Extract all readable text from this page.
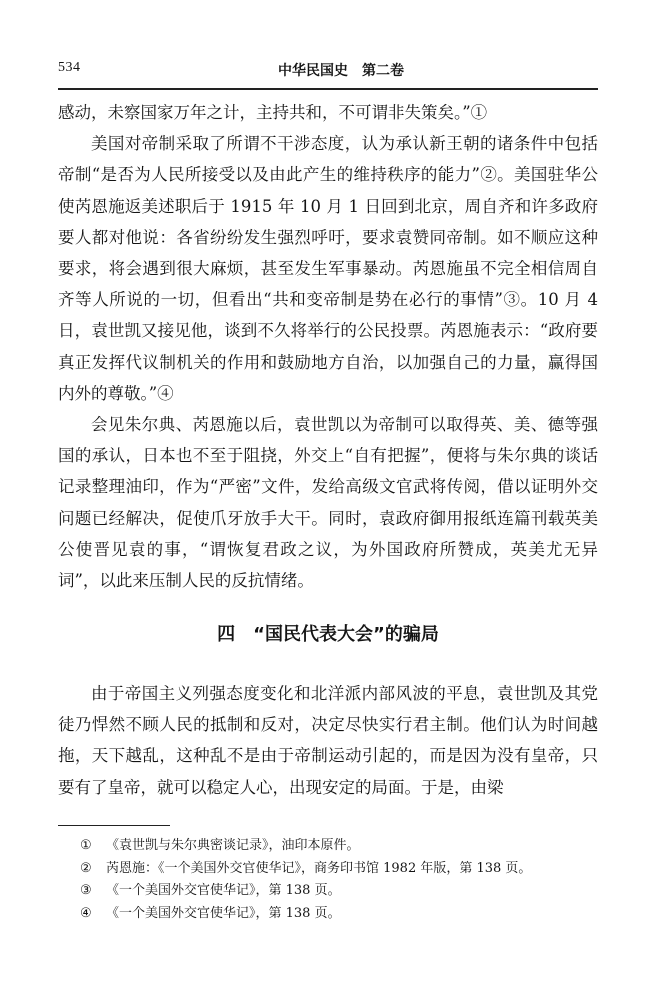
534	中华民国史　第二卷

感动，未察国家万年之计，主持共和，不可谓非失策矣。”①

美国对帝制采取了所谓不干涉态度，认为承认新王朝的诸条件中包括帝制“是否为人民所接受以及由此产生的维持秩序的能力”②。美国驻华公使芮恩施返美述职后于 1915 年 10 月 1 日回到北京，周自齐和许多政府要人都对他说：各省纷纷发生强烈呼吁，要求袁赞同帝制。如不顺应这种要求，将会遇到很大麻烦，甚至发生军事暴动。芮恩施虽不完全相信周自齐等人所说的一切，但看出“共和变帝制是势在必行的事情”③。10 月 4 日，袁世凯又接见他，谈到不久将举行的公民投票。芮恩施表示：“政府要真正发挥代议制机关的作用和鼓励地方自治，以加强自己的力量，赢得国内外的尊敬。”④

会见朱尔典、芮恩施以后，袁世凯以为帝制可以取得英、美、德等强国的承认，日本也不至于阻挠，外交上“自有把握”，便将与朱尔典的谈话记录整理油印，作为“严密”文件，发给高级文官武将传阅，借以证明外交问题已经解决，促使爪牙放手大干。同时，袁政府御用报纸连篇刊载英美公使晋见袁的事，“谓恢复君政之议，为外国政府所赞成，英美尤无异词”，以此来压制人民的反抗情绪。

四　“国民代表大会”的骗局

由于帝国主义列强态度变化和北洋派内部风波的平息，袁世凯及其党徒乃悍然不顾人民的抵制和反对，决定尽快实行君主制。他们认为时间越拖，天下越乱，这种乱不是由于帝制运动引起的，而是因为没有皇帝，只要有了皇帝，就可以稳定人心，出现安定的局面。于是，由梁

①	《袁世凯与朱尔典密谈记录》，油印本原件。
②	芮恩施：《一个美国外交官使华记》，商务印书馆 1982 年版，第 138 页。
③	《一个美国外交官使华记》，第 138 页。
④	《一个美国外交官使华记》，第 138 页。
